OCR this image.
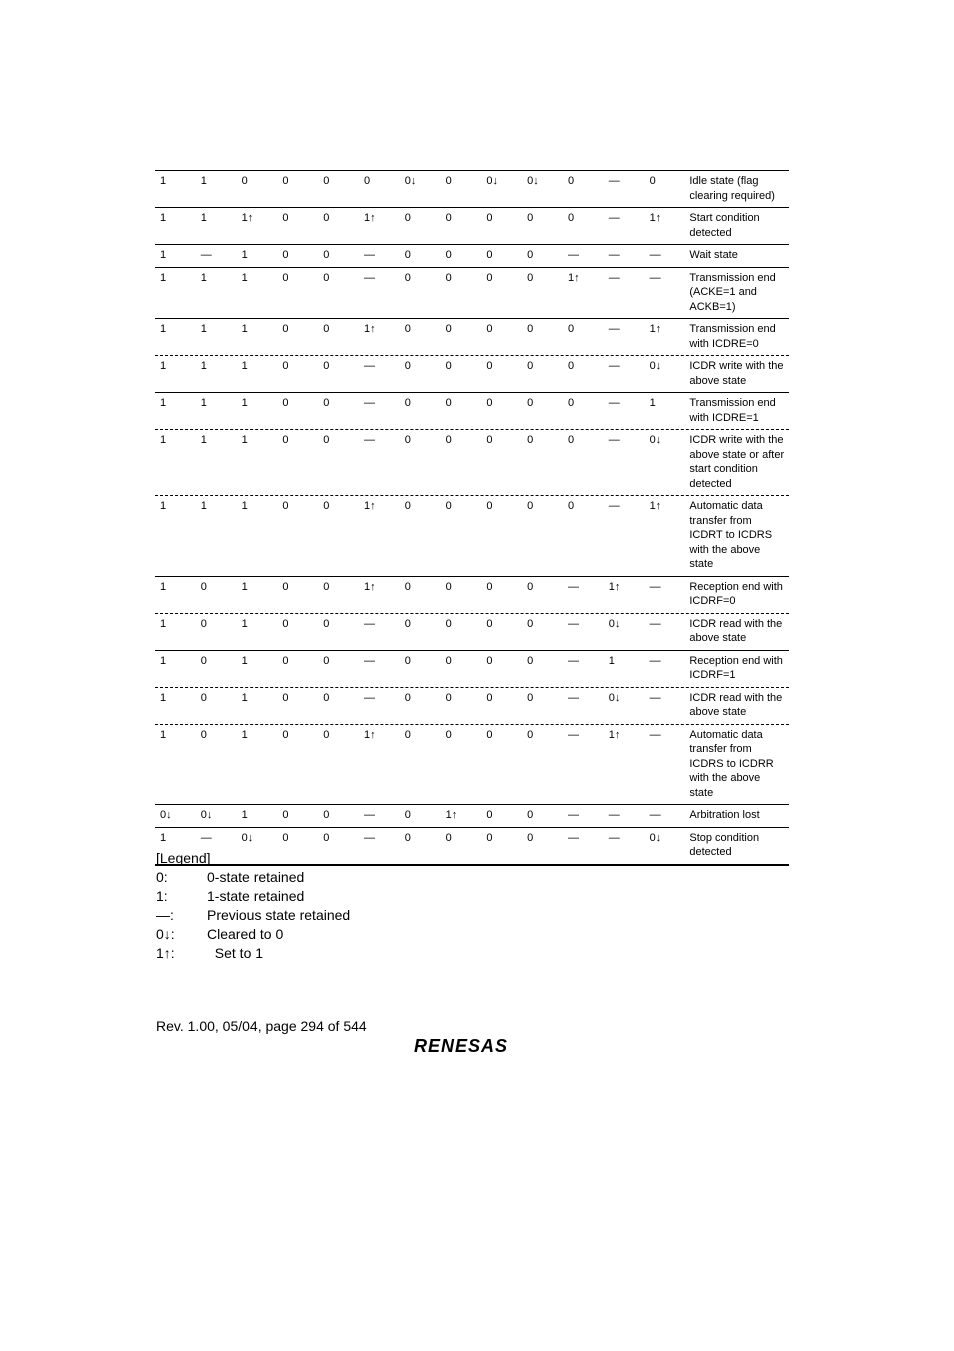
1	1	0	0	0	0	0↓	0	0↓	0↓	0	—	0	Idle state (flag clearing required)
1	1	1↑	0	0	1↑	0	0	0	0	0	—	1↑	Start condition detected
1	—	1	0	0	—	0	0	0	0	—	—	—	Wait state
1	1	1	0	0	—	0	0	0	0	1↑	—	—	Transmission end (ACKE=1 and ACKB=1)
1	1	1	0	0	1↑	0	0	0	0	0	—	1↑	Transmission end with ICDRE=0
1	1	1	0	0	—	0	0	0	0	0	—	0↓	ICDR write with the above state
1	1	1	0	0	—	0	0	0	0	0	—	1	Transmission end with ICDRE=1
1	1	1	0	0	—	0	0	0	0	0	—	0↓	ICDR write with the above state or after start condition detected
1	1	1	0	0	1↑	0	0	0	0	0	—	1↑	Automatic data transfer from ICDRT to ICDRS with the above state
1	0	1	0	0	1↑	0	0	0	0	—	1↑	—	Reception end with ICDRF=0
1	0	1	0	0	—	0	0	0	0	—	0↓	—	ICDR read with the above state
1	0	1	0	0	—	0	0	0	0	—	1	—	Reception end with ICDRF=1
1	0	1	0	0	—	0	0	0	0	—	0↓	—	ICDR read with the above state
1	0	1	0	0	1↑	0	0	0	0	—	1↑	—	Automatic data transfer from ICDRS to ICDRR with the above state
0↓	0↓	1	0	0	—	0	1↑	0	0	—	—	—	Arbitration lost
1	—	0↓	0	0	—	0	0	0	0	—	—	0↓	Stop condition detected
[Legend]
0:	0-state retained
1:	1-state retained
—:	Previous state retained
0↓:	Cleared to 0
1↑:	Set to 1
Rev. 1.00, 05/04, page 294 of 544
RENESAS
